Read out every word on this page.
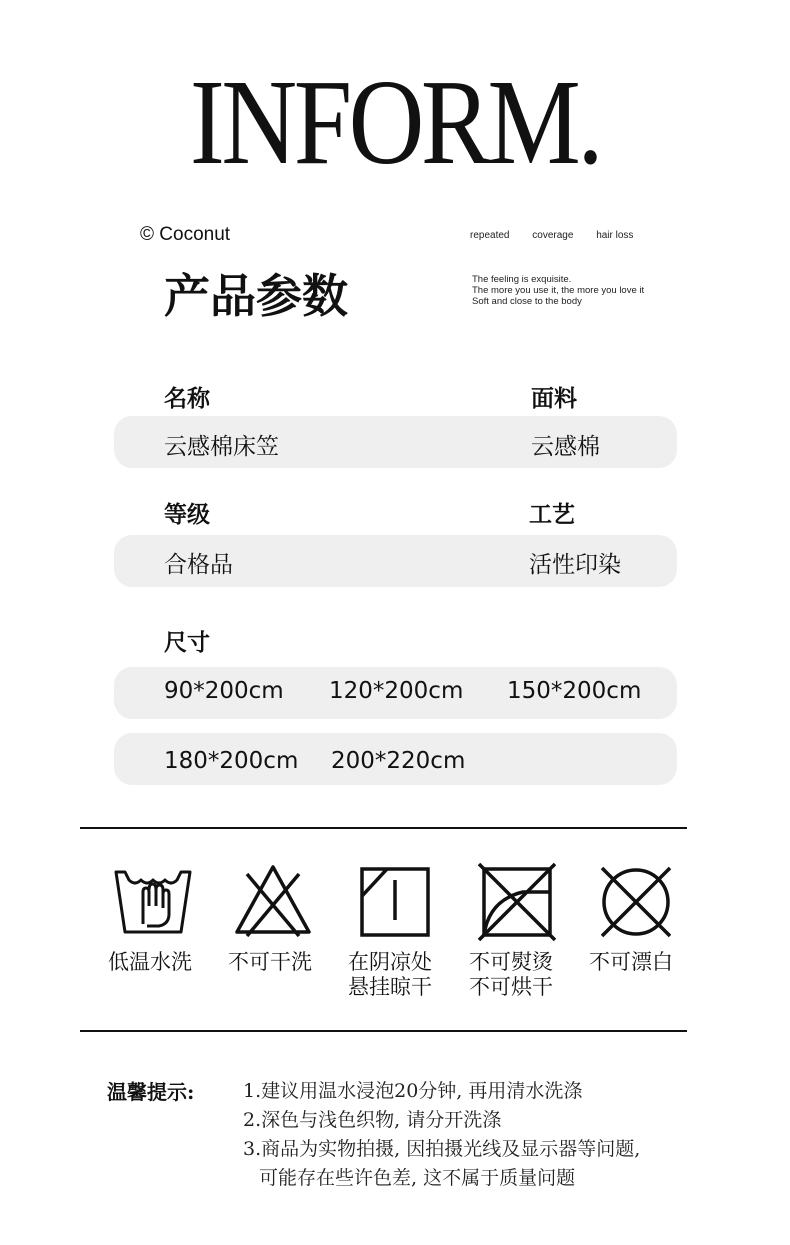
INFORM.
© Coconut	repeated coverage hair loss
产品参数	The feeling is exquisite.
The more you use it, the more you love it
Soft and close to the body
名称	面料
云感棉床笠	云感棉
等级	工艺
合格品	活性印染
尺寸
90*200cm 120*200cm 150*200cm
180*200cm 200*220cm
低温水洗	不可干洗	在阴凉处
悬挂晾干
不可熨烫
不可烘干
不可漂白
温馨提示:	1.建议用温水浸泡20分钟, 再用清水洗涤
2.深色与浅色织物, 请分开洗涤
3.商品为实物拍摄, 因拍摄光线及显示器等问题,
可能存在些许色差, 这不属于质量问题
